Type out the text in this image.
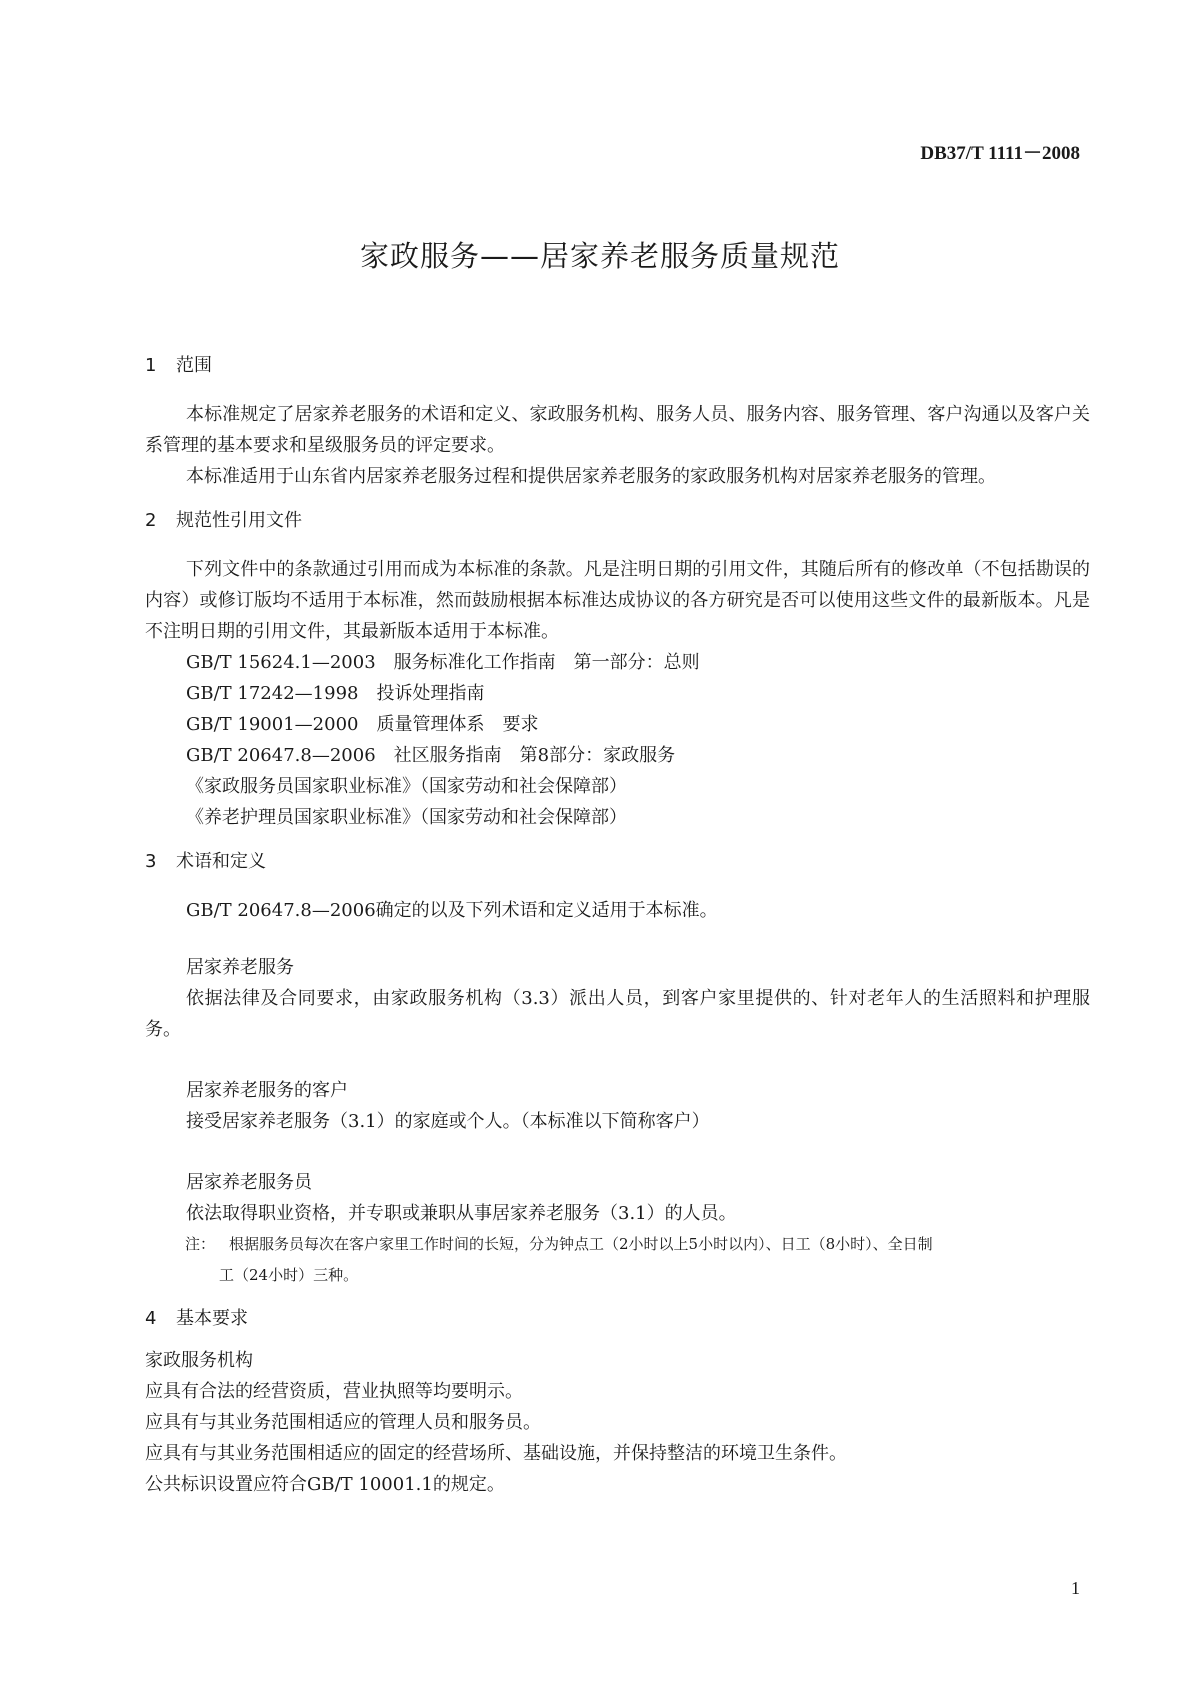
DB37/T 1111－2008
家政服务——居家养老服务质量规范
1 范围
本标准规定了居家养老服务的术语和定义、家政服务机构、服务人员、服务内容、服务管理、客户沟通以及客户关系管理的基本要求和星级服务员的评定要求。
本标准适用于山东省内居家养老服务过程和提供居家养老服务的家政服务机构对居家养老服务的管理。
2 规范性引用文件
下列文件中的条款通过引用而成为本标准的条款。凡是注明日期的引用文件，其随后所有的修改单（不包括勘误的内容）或修订版均不适用于本标准，然而鼓励根据本标准达成协议的各方研究是否可以使用这些文件的最新版本。凡是不注明日期的引用文件，其最新版本适用于本标准。
GB/T 15624.1—2003　服务标准化工作指南　第一部分：总则
GB/T 17242—1998　投诉处理指南
GB/T 19001—2000　质量管理体系　要求
GB/T 20647.8—2006　社区服务指南　第8部分：家政服务
《家政服务员国家职业标准》（国家劳动和社会保障部）
《养老护理员国家职业标准》（国家劳动和社会保障部）
3 术语和定义
GB/T 20647.8—2006确定的以及下列术语和定义适用于本标准。
居家养老服务
依据法律及合同要求，由家政服务机构（3.3）派出人员，到客户家里提供的、针对老年人的生活照料和护理服务。
居家养老服务的客户
接受居家养老服务（3.1）的家庭或个人。（本标准以下简称客户）
居家养老服务员
依法取得职业资格，并专职或兼职从事居家养老服务（3.1）的人员。
注： 根据服务员每次在客户家里工作时间的长短，分为钟点工（2小时以上5小时以内）、日工（8小时）、全日制
工（24小时）三种。
4 基本要求
家政服务机构
应具有合法的经营资质，营业执照等均要明示。
应具有与其业务范围相适应的管理人员和服务员。
应具有与其业务范围相适应的固定的经营场所、基础设施，并保持整洁的环境卫生条件。
公共标识设置应符合GB/T 10001.1的规定。
1
